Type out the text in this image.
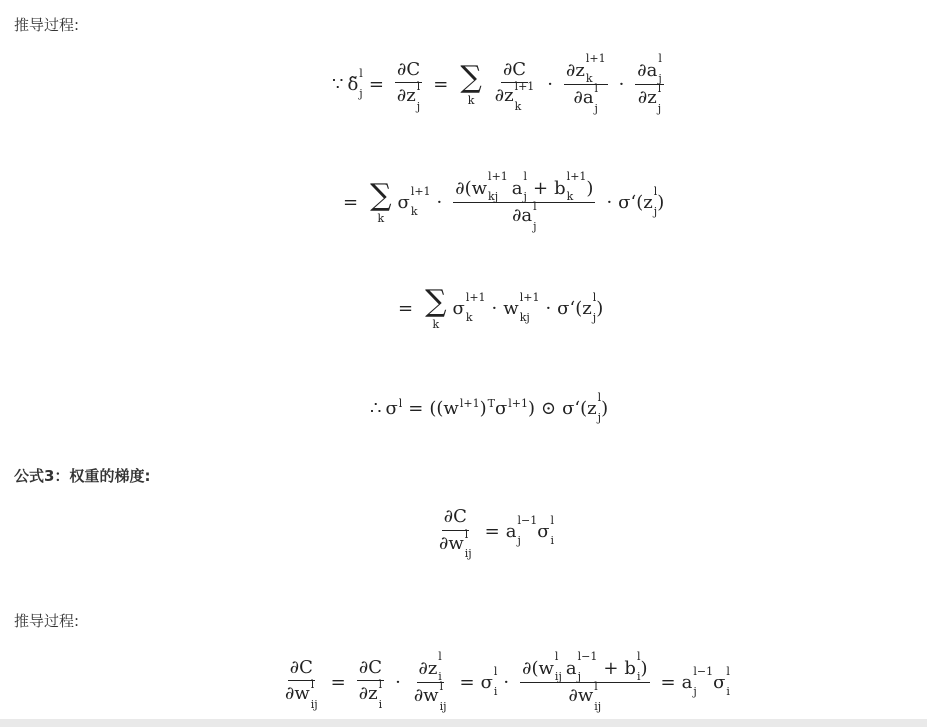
推导过程:
∵ δ̃
l
j = ∂ C
∂ z l
j = ∑
k ∂ C
∂ z l+1
k · ∂ z
l+1
k
∂ a l
j · ∂ a
l
j
∂ z l
j
= ∑
k
σ
l+1
k	· ∂ ( w
l+1
kj a
l
j + b
l+1
k )
∂ a l
j · σ‘ ( z
l
j )
= ∑
k
σ
l+1
k	· w
l+1
kj · σ‘ ( z
l
j )
∴ σ l = (( w l+1 ) T σ l+1 ) ⊙ σ‘ ( z
l
j )
公式3：权重的梯度:
∂ C
∂ w l
ij = a
l−1
j σ
l
i
推导过程:
∂ C
∂ w l
ij = ∂ C
∂ z l
i · ∂ z
l
i
∂ w l
ij = σ
l
i · ∂ ( w
l
ij a
l−1
j	+ b
l
i )
∂ w l
ij = a
l−1
j σ
l
i
